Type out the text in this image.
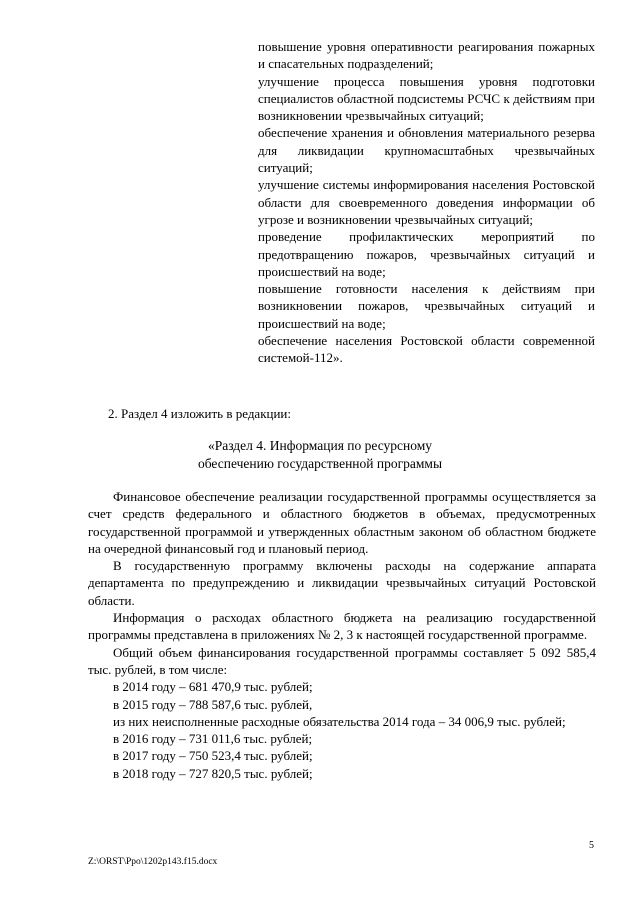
повышение уровня оперативности реагирования пожарных и спасательных подразделений;

улучшение процесса повышения уровня подготовки специалистов областной подсистемы РСЧС к действиям при возникновении чрезвычайных ситуаций;

обеспечение хранения и обновления материального резерва для ликвидации крупномасштабных чрезвычайных ситуаций;

улучшение системы информирования населения Ростовской области для своевременного доведения информации об угрозе и возникновении чрезвычайных ситуаций;

проведение профилактических мероприятий по предотвращению пожаров, чрезвычайных ситуаций и происшествий на воде;

повышение готовности населения к действиям при возникновении пожаров, чрезвычайных ситуаций и происшествий на воде;

обеспечение населения Ростовской области современной системой-112».

2. Раздел 4 изложить в редакции:

«Раздел 4. Информация по ресурсному
обеспечению государственной программы

Финансовое обеспечение реализации государственной программы осуществляется за счет средств федерального и областного бюджетов в объемах, предусмотренных государственной программой и утвержденных областным законом об областном бюджете на очередной финансовый год и плановый период.

В государственную программу включены расходы на содержание аппарата департамента по предупреждению и ликвидации чрезвычайных ситуаций Ростовской области.

Информация о расходах областного бюджета на реализацию государственной программы представлена в приложениях № 2, 3 к настоящей государственной программе.

Общий объем финансирования государственной программы составляет 5 092 585,4 тыс. рублей, в том числе:

в 2014 году – 681 470,9 тыс. рублей;

в 2015 году – 788 587,6 тыс. рублей,

из них неисполненные расходные обязательства 2014 года – 34 006,9 тыс. рублей;

в 2016 году – 731 011,6 тыс. рублей;

в 2017 году – 750 523,4 тыс. рублей;

в 2018 году – 727 820,5 тыс. рублей;

5

Z:\ORST\Ppo\1202p143.f15.docx
